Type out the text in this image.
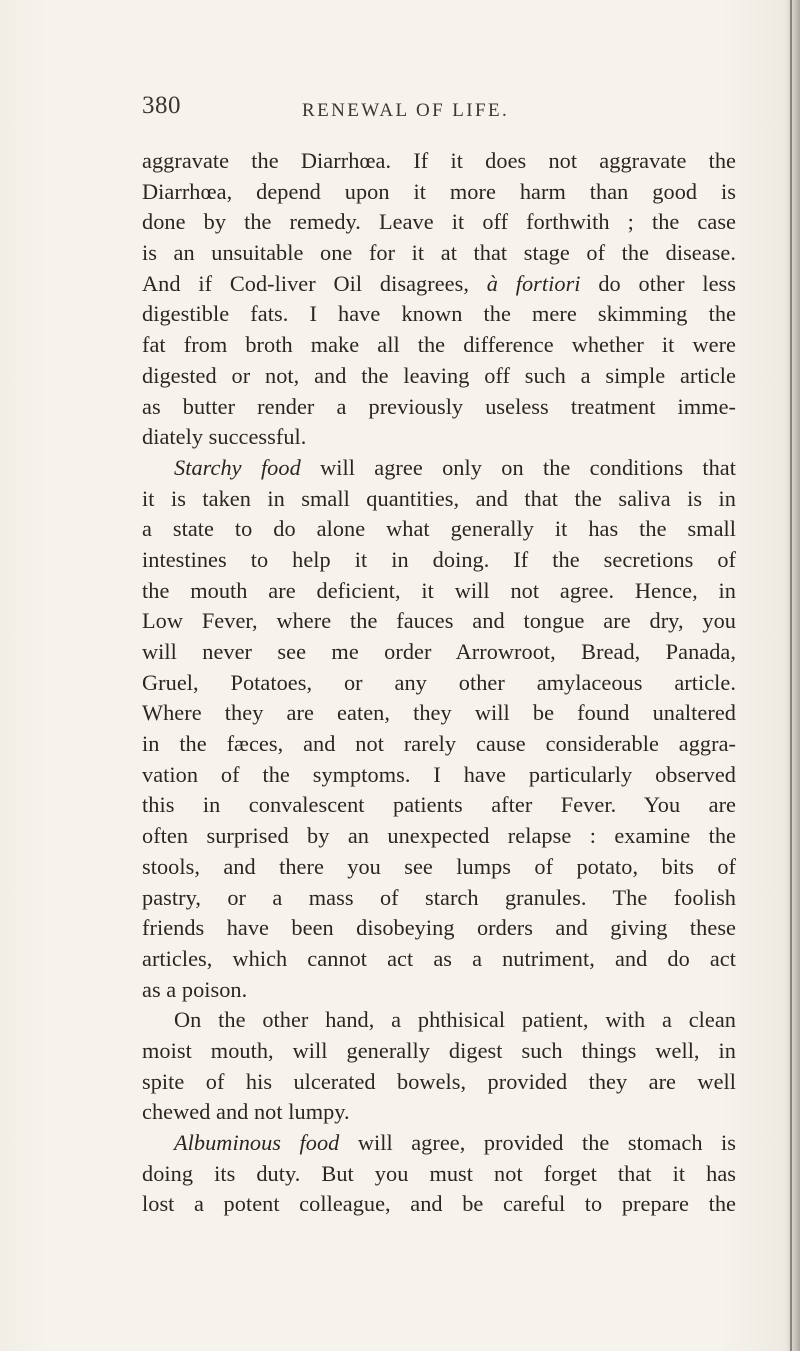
380	RENEWAL OF LIFE.
aggravate the Diarrhœa. If it does not aggravate the
Diarrhœa, depend upon it more harm than good is
done by the remedy. Leave it off forthwith ; the case
is an unsuitable one for it at that stage of the disease.
And if Cod-liver Oil disagrees, à fortiori do other less
digestible fats. I have known the mere skimming the
fat from broth make all the difference whether it were
digested or not, and the leaving off such a simple article
as butter render a previously useless treatment imme-
diately successful.
Starchy food will agree only on the conditions that
it is taken in small quantities, and that the saliva is in
a state to do alone what generally it has the small
intestines to help it in doing. If the secretions of
the mouth are deficient, it will not agree. Hence, in
Low Fever, where the fauces and tongue are dry, you
will never see me order Arrowroot, Bread, Panada,
Gruel, Potatoes, or any other amylaceous article.
Where they are eaten, they will be found unaltered
in the fæces, and not rarely cause considerable aggra-
vation of the symptoms. I have particularly observed
this in convalescent patients after Fever. You are
often surprised by an unexpected relapse : examine the
stools, and there you see lumps of potato, bits of
pastry, or a mass of starch granules. The foolish
friends have been disobeying orders and giving these
articles, which cannot act as a nutriment, and do act
as a poison.
On the other hand, a phthisical patient, with a clean
moist mouth, will generally digest such things well, in
spite of his ulcerated bowels, provided they are well
chewed and not lumpy.
Albuminous food will agree, provided the stomach is
doing its duty. But you must not forget that it has
lost a potent colleague, and be careful to prepare the
